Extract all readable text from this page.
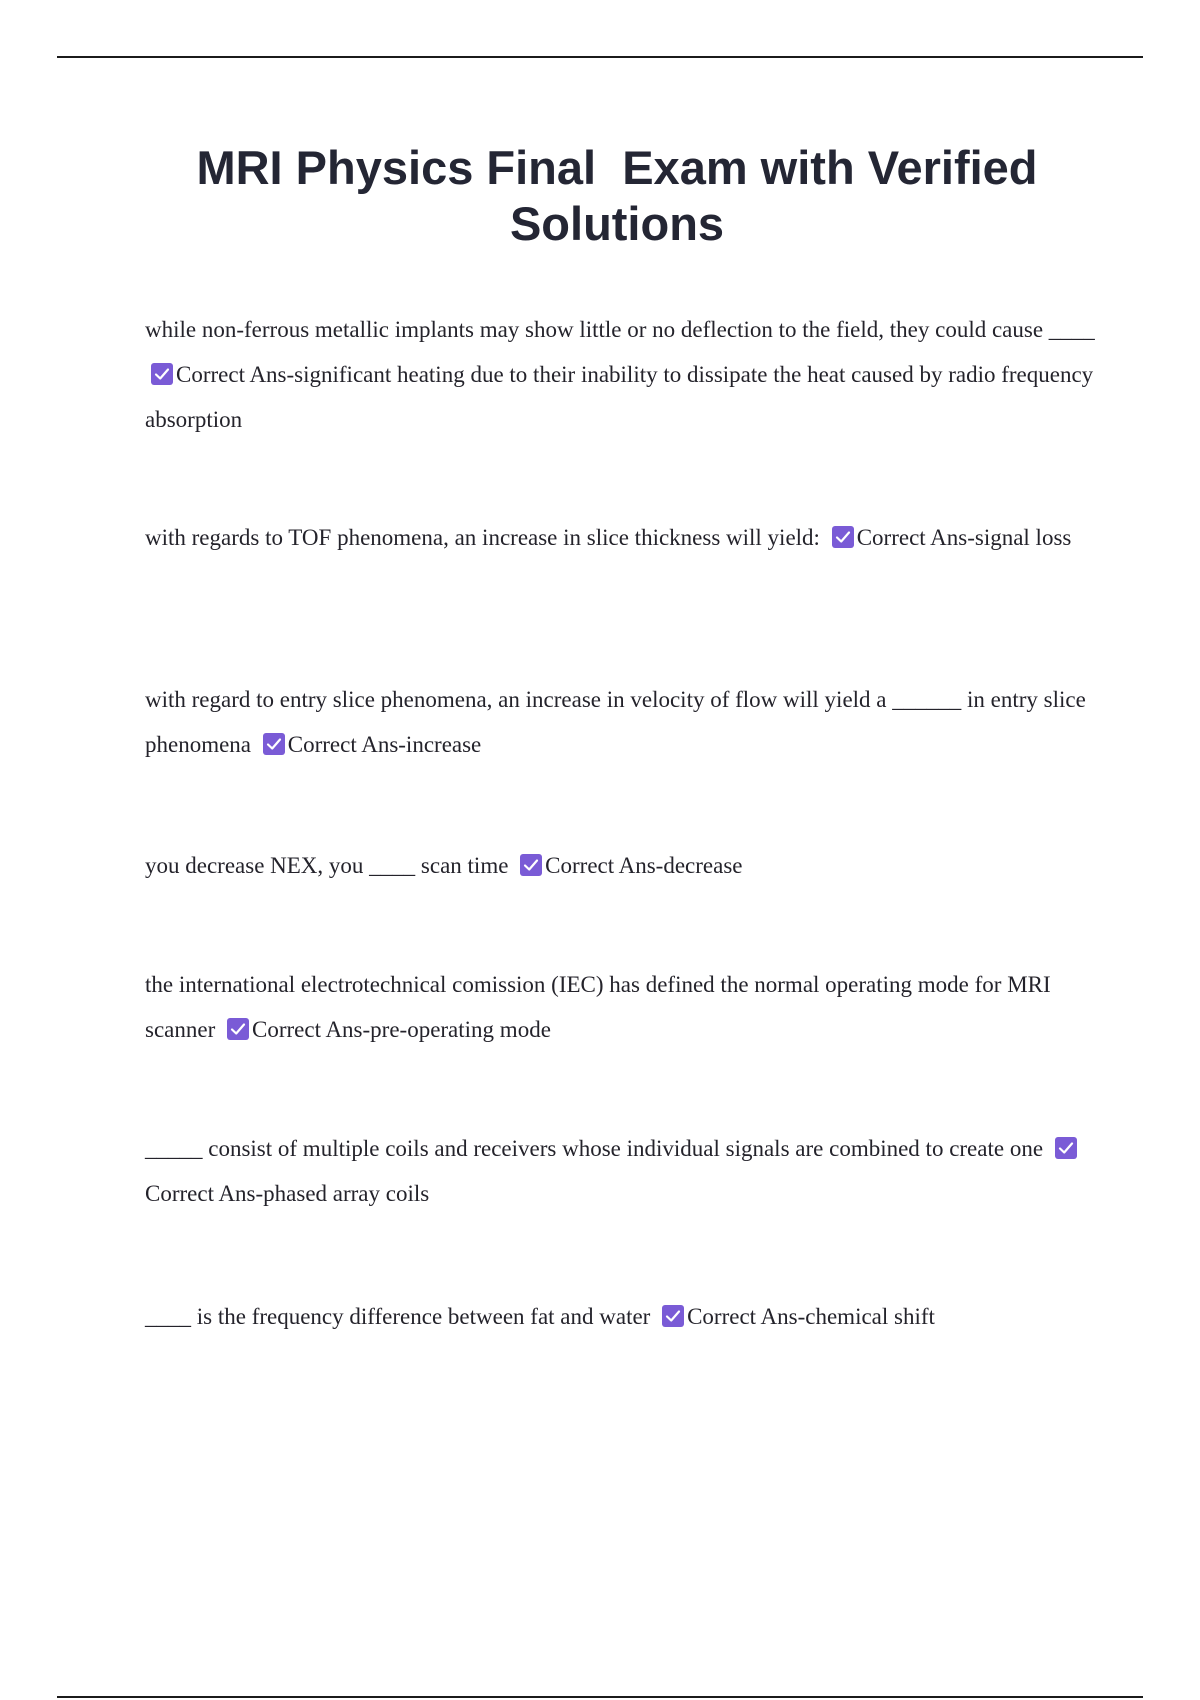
MRI Physics Final  Exam with Verified Solutions

while non-ferrous metallic implants may show little or no deflection to the field, they could cause ____
Correct Ans-significant heating due to their inability to dissipate the heat caused by radio frequency absorption

with regards to TOF phenomena, an increase in slice thickness will yield: Correct Ans-signal loss

with regard to entry slice phenomena, an increase in velocity of flow will yield a ______ in entry slice phenomena Correct Ans-increase

you decrease NEX, you ____ scan time Correct Ans-decrease

the international electrotechnical comission (IEC) has defined the normal operating mode for MRI scanner Correct Ans-pre-operating mode

_____ consist of multiple coils and receivers whose individual signals are combined to create one
Correct Ans-phased array coils

____ is the frequency difference between fat and water Correct Ans-chemical shift
